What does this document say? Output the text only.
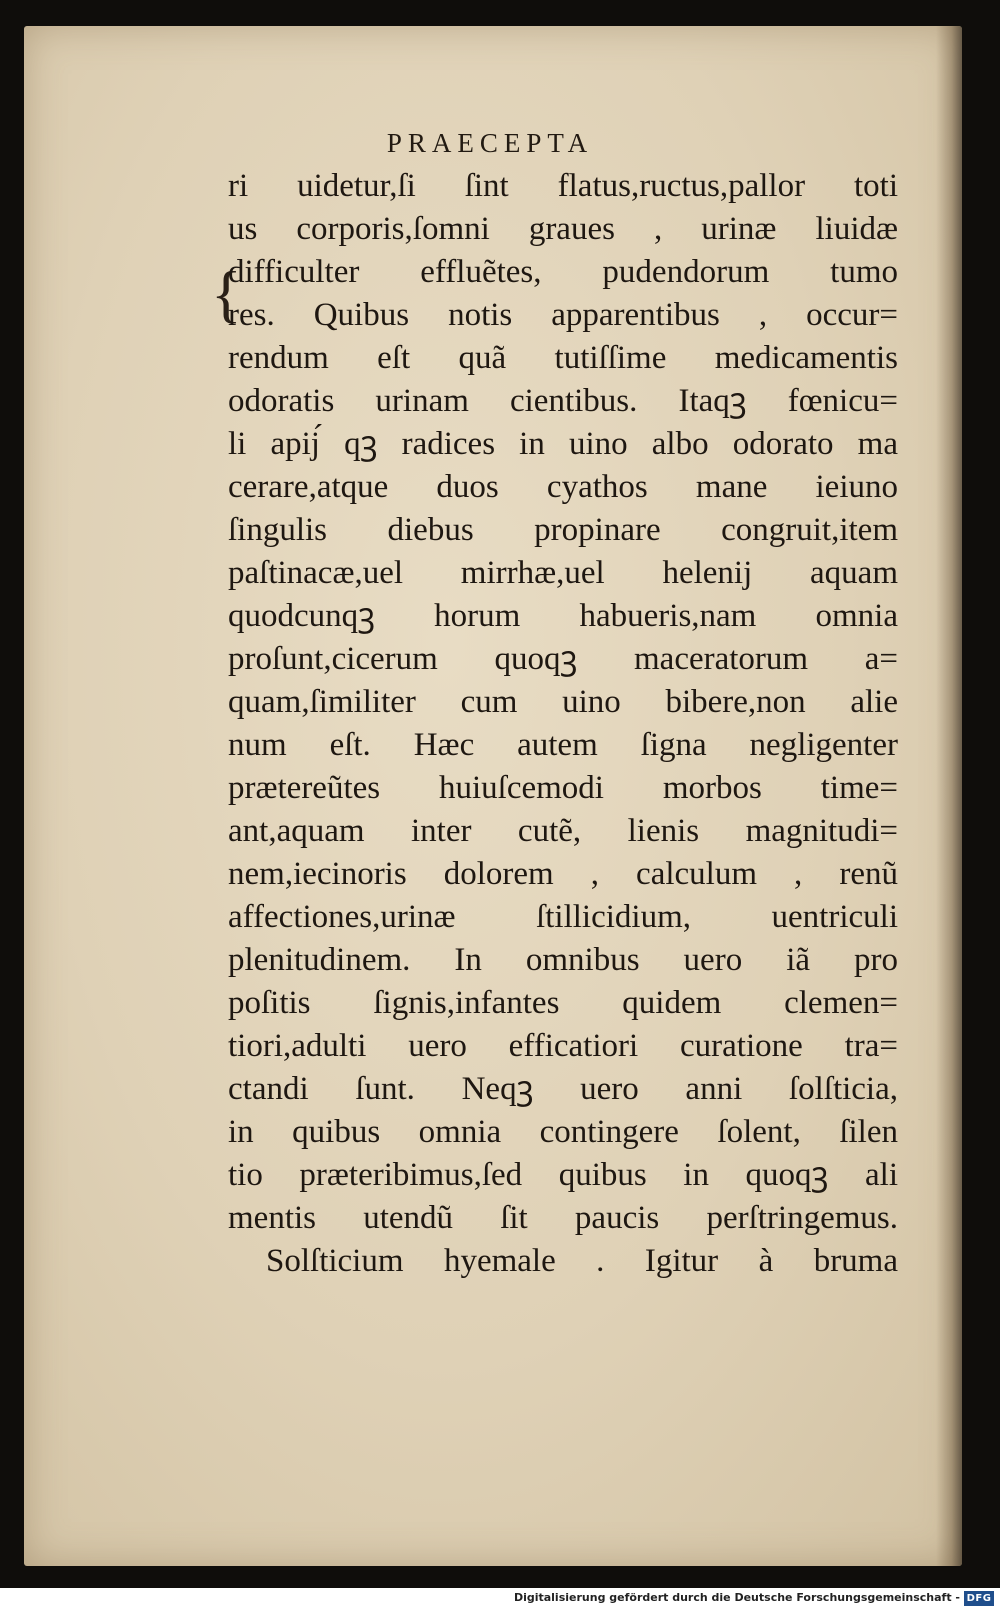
PRAECEPTA
{
ri uidetur,ſi ſint flatus,ructus,pallor toti
us corporis,ſomni graues , urinæ liuidæ
difficulter effluẽtes, pudendorum tumo
res. Quibus notis apparentibus , occur=
rendum eſt quã tutiſſime medicamentis
odoratis urinam cientibus. Itaqꝫ fœnicu=
li apij́ qꝫ radices in uino albo odorato ma
cerare,atque duos cyathos mane ieiuno
ſingulis diebus propinare congruit,item
paſtinacæ,uel mirrhæ,uel helenij aquam
quodcunqꝫ horum habueris,nam omnia
proſunt,cicerum quoqꝫ maceratorum a=
quam,ſimiliter cum uino bibere,non alie
num eſt. Hæc autem ſigna negligenter
prætereũtes huiuſcemodi morbos time=
ant,aquam inter cutẽ, lienis magnitudi=
nem,iecinoris dolorem , calculum , renũ
affectiones,urinæ ſtillicidium, uentriculi
plenitudinem. In omnibus uero iã pro
poſitis ſignis,infantes quidem clemen=
tiori,adulti uero efficatiori curatione tra=
ctandi ſunt. Neqꝫ uero anni ſolſticia,
in quibus omnia contingere ſolent, ſilen
tio præteribimus,ſed quibus in quoqꝫ ali
mentis utendũ ſit paucis perſtringemus.
Solſticium hyemale . Igitur à bruma
Digitalisierung gefördert durch die Deutsche Forschungsgemeinschaft - DFG
